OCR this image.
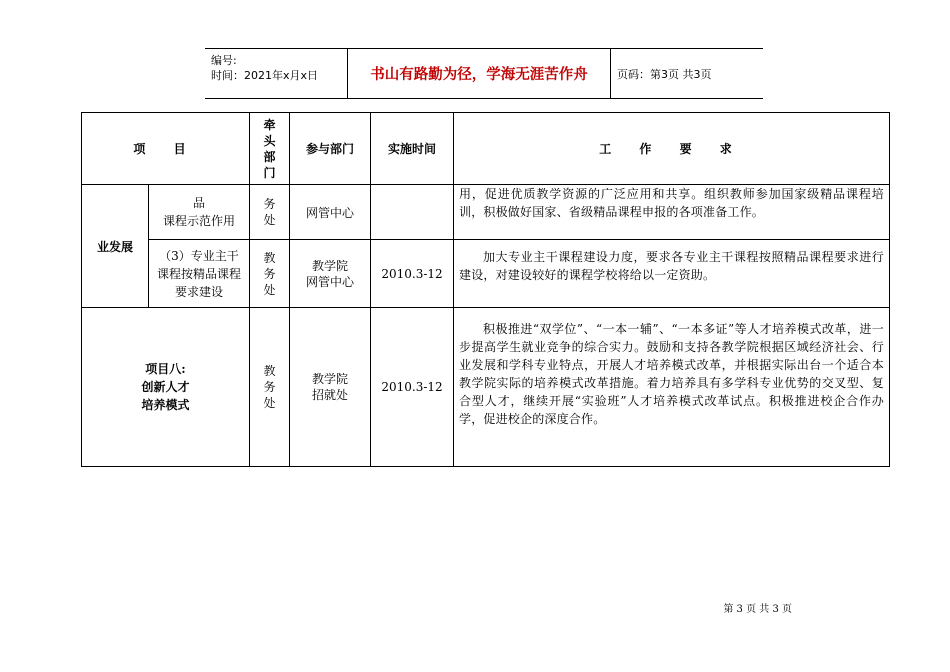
编号:
时间：2021年x月x日	书山有路勤为径，学海无涯苦作舟	页码：第3页 共3页
项 目		牵
头
部
门	参与部门	实施时间	工 作 要 求
业发展	品
课程示范作用	务
处	网管中心		用，促进优质教学资源的广泛应用和共享。组织教师参加国家级精品课程培训，积极做好国家、省级精品课程申报的各项准备工作。
	（3）专业主干课程按精品课程要求建设	教
务
处	教学院
网管中心	2010.3-12	加大专业主干课程建设力度，要求各专业主干课程按照精品课程要求进行建设，对建设较好的课程学校将给以一定资助。
项目八:
创新人才
培养模式		教
务
处	教学院
招就处	2010.3-12	积极推进“双学位”、“一本一辅”、“一本多证”等人才培养模式改革，进一步提高学生就业竞争的综合实力。鼓励和支持各教学院根据区域经济社会、行业发展和学科专业特点，开展人才培养模式改革，并根据实际出台一个适合本教学院实际的培养模式改革措施。着力培养具有多学科专业优势的交叉型、复合型人才，继续开展“实验班”人才培养模式改革试点。积极推进校企合作办学，促进校企的深度合作。
第 3 页 共 3 页
